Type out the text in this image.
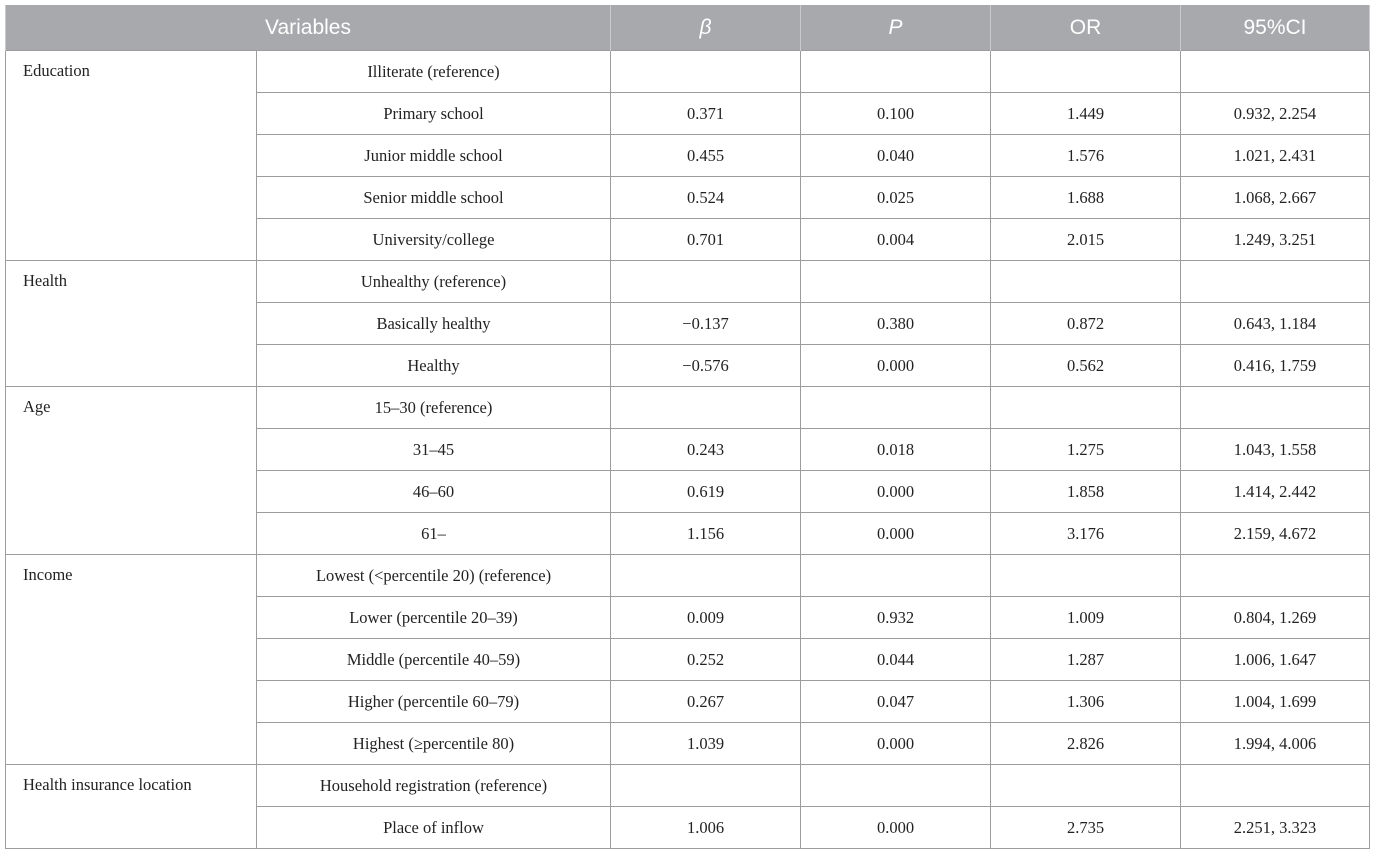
Variables		β	P	OR	95%CI
Education	Illiterate (reference)				
	Primary school	0.371	0.100	1.449	0.932, 2.254
	Junior middle school	0.455	0.040	1.576	1.021, 2.431
	Senior middle school	0.524	0.025	1.688	1.068, 2.667
	University/college	0.701	0.004	2.015	1.249, 3.251
Health	Unhealthy (reference)				
	Basically healthy	−0.137	0.380	0.872	0.643, 1.184
	Healthy	−0.576	0.000	0.562	0.416, 1.759
Age	15–30 (reference)				
	31–45	0.243	0.018	1.275	1.043, 1.558
	46–60	0.619	0.000	1.858	1.414, 2.442
	61–	1.156	0.000	3.176	2.159, 4.672
Income	Lowest (<percentile 20) (reference)				
	Lower (percentile 20–39)	0.009	0.932	1.009	0.804, 1.269
	Middle (percentile 40–59)	0.252	0.044	1.287	1.006, 1.647
	Higher (percentile 60–79)	0.267	0.047	1.306	1.004, 1.699
	Highest (≥percentile 80)	1.039	0.000	2.826	1.994, 4.006
Health insurance location	Household registration (reference)				
	Place of inflow	1.006	0.000	2.735	2.251, 3.323
